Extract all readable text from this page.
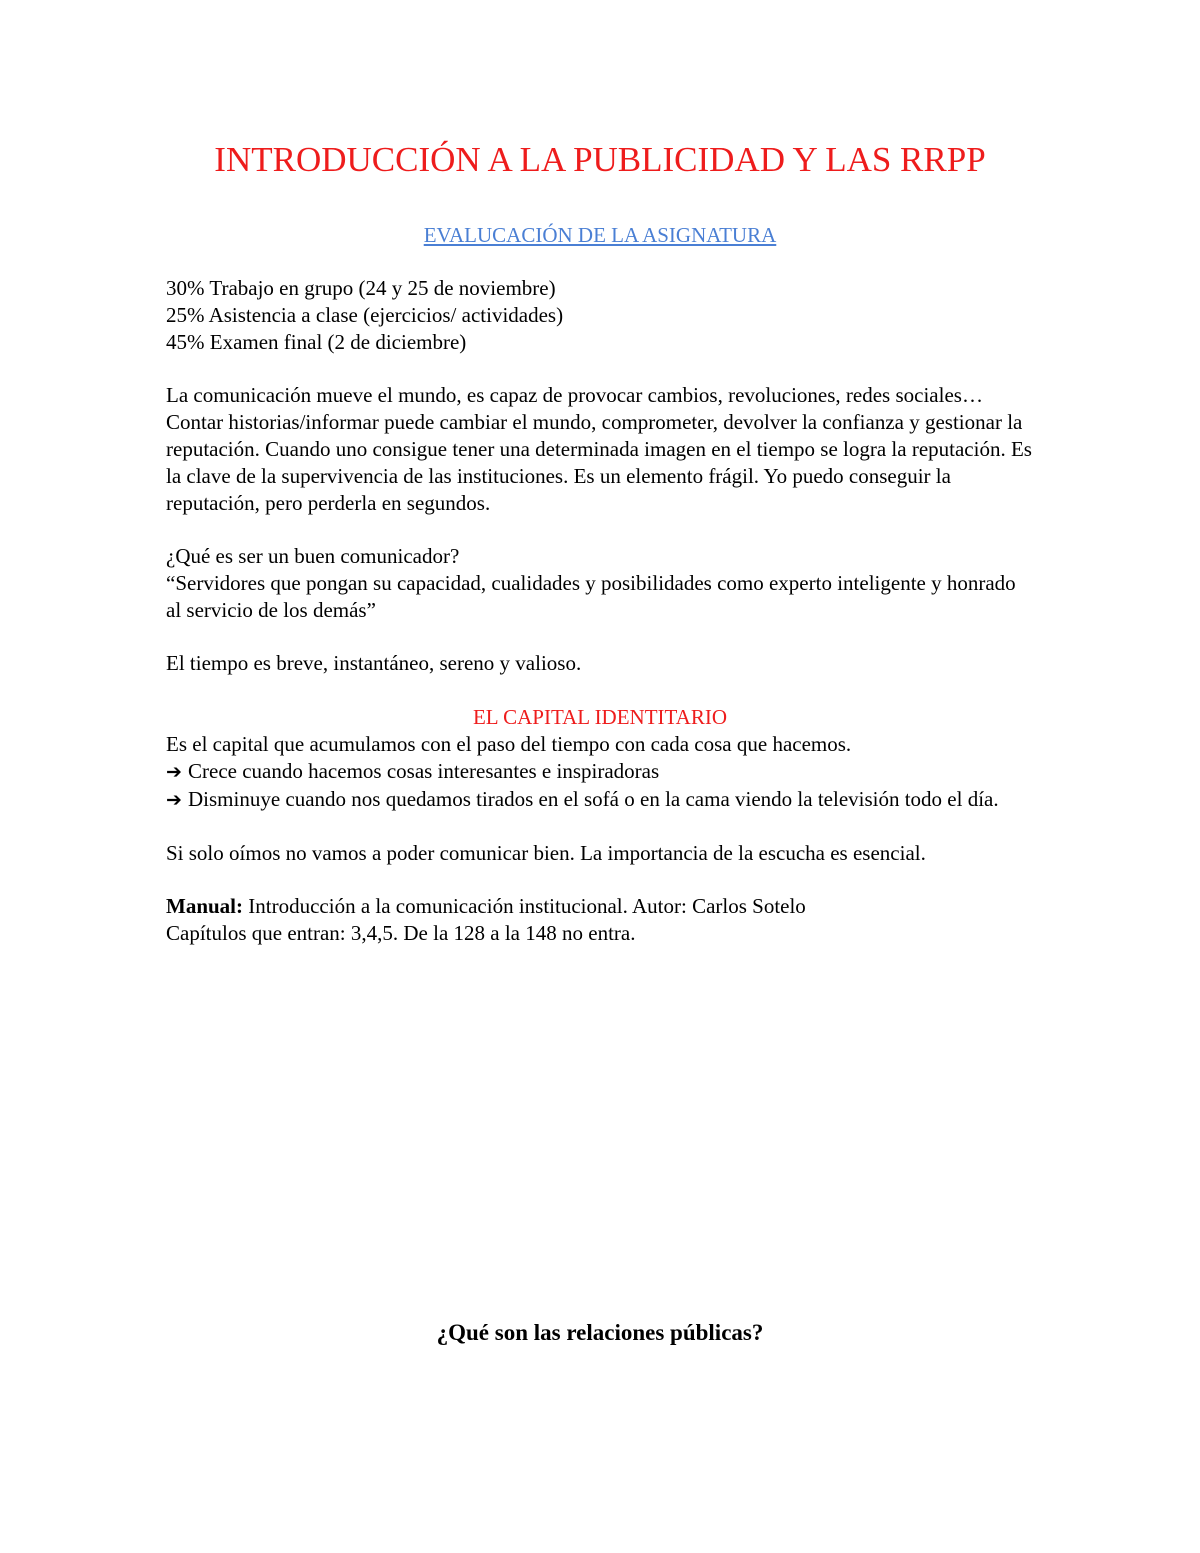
INTRODUCCIÓN A LA PUBLICIDAD Y LAS RRPP
EVALUCACIÓN DE LA ASIGNATURA
30% Trabajo en grupo (24 y 25 de noviembre)
25% Asistencia a clase (ejercicios/ actividades)
45% Examen final (2 de diciembre)
La comunicación mueve el mundo, es capaz de provocar cambios, revoluciones, redes sociales…
Contar historias/informar puede cambiar el mundo, comprometer, devolver la confianza y gestionar la reputación. Cuando uno consigue tener una determinada imagen en el tiempo se logra la reputación. Es la clave de la supervivencia de las instituciones. Es un elemento frágil. Yo puedo conseguir la reputación, pero perderla en segundos.
¿Qué es ser un buen comunicador?
“Servidores que pongan su capacidad, cualidades y posibilidades como experto inteligente y honrado al servicio de los demás”
El tiempo es breve, instantáneo, sereno y valioso.
EL CAPITAL IDENTITARIO
Es el capital que acumulamos con el paso del tiempo con cada cosa que hacemos.
➔ Crece cuando hacemos cosas interesantes e inspiradoras
➔ Disminuye cuando nos quedamos tirados en el sofá o en la cama viendo la televisión todo el día.
Si solo oímos no vamos a poder comunicar bien. La importancia de la escucha es esencial.
Manual: Introducción a la comunicación institucional. Autor: Carlos Sotelo
Capítulos que entran: 3,4,5. De la 128 a la 148 no entra.
¿Qué son las relaciones públicas?
